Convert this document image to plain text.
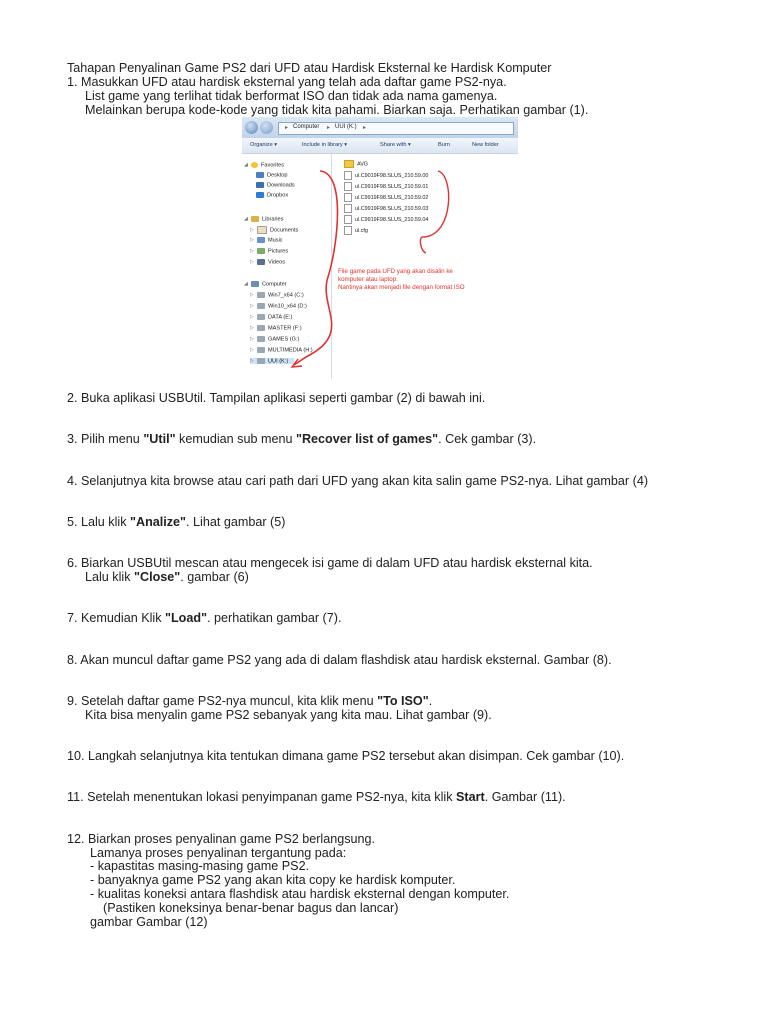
Tahapan Penyalinan Game PS2 dari UFD atau Hardisk Eksternal ke Hardisk Komputer
1. Masukkan UFD atau hardisk eksternal yang telah ada daftar game PS2-nya.
List game yang terlihat tidak berformat ISO dan tidak ada nama gamenya.
Melainkan berupa kode-kode yang tidak kita pahami. Biarkan saja. Perhatikan gambar (1).
▸ Computer ▸ UUI (K:) ▸
Organize ▾	Include in library ▾	Share with ▾	Burn	New folder
◢ Favorites
Desktop
Downloads
Dropbox
◢	Libraries
▷	Documents
▷	Music
▷	Pictures
▷	Videos
◢	Computer
▷	Win7_x64 (C:)
▷	Win10_x64 (D:)
▷	DATA (E:)
▷	MASTER (F:)
▷	GAMES (G:)
▷	MULTIMEDIA (H:)
▷	UUI (K:)
AVG
ul.C9019F98.SLUS_210.59.00
ul.C9919F98.SLUS_210.59.01
ul.C9919F98.SLUS_210.59.02
ul.C9919F98.SLUS_210.59.03
ul.C9919F98.SLUS_210.59.04
ul.cfg
File game pada UFD yang akan disalin ke
komputer atau laptop.
Nantinya akan menjadi file dengan format ISO
2. Buka aplikasi USBUtil. Tampilan aplikasi seperti gambar (2) di bawah ini.
3. Pilih menu "Util" kemudian sub menu "Recover list of games". Cek gambar (3).
4. Selanjutnya kita browse atau cari path dari UFD yang akan kita salin game PS2-nya. Lihat gambar (4)
5. Lalu klik "Analize". Lihat gambar (5)
6. Biarkan USBUtil mescan atau mengecek isi game di dalam UFD atau hardisk eksternal kita.
Lalu klik "Close". gambar (6)
7. Kemudian Klik "Load". perhatikan gambar (7).
8. Akan muncul daftar game PS2 yang ada di dalam flashdisk atau hardisk eksternal. Gambar (8).
9. Setelah daftar game PS2-nya muncul, kita klik menu "To ISO".
Kita bisa menyalin game PS2 sebanyak yang kita mau. Lihat gambar (9).
10. Langkah selanjutnya kita tentukan dimana game PS2 tersebut akan disimpan. Cek gambar (10).
11. Setelah menentukan lokasi penyimpanan game PS2-nya, kita klik Start. Gambar (11).
12. Biarkan proses penyalinan game PS2 berlangsung.
Lamanya proses penyalinan tergantung pada:
- kapastitas masing-masing game PS2.
- banyaknya game PS2 yang akan kita copy ke hardisk komputer.
- kualitas koneksi antara flashdisk atau hardisk eksternal dengan komputer.
(Pastiken koneksinya benar-benar bagus dan lancar)
gambar Gambar (12)
